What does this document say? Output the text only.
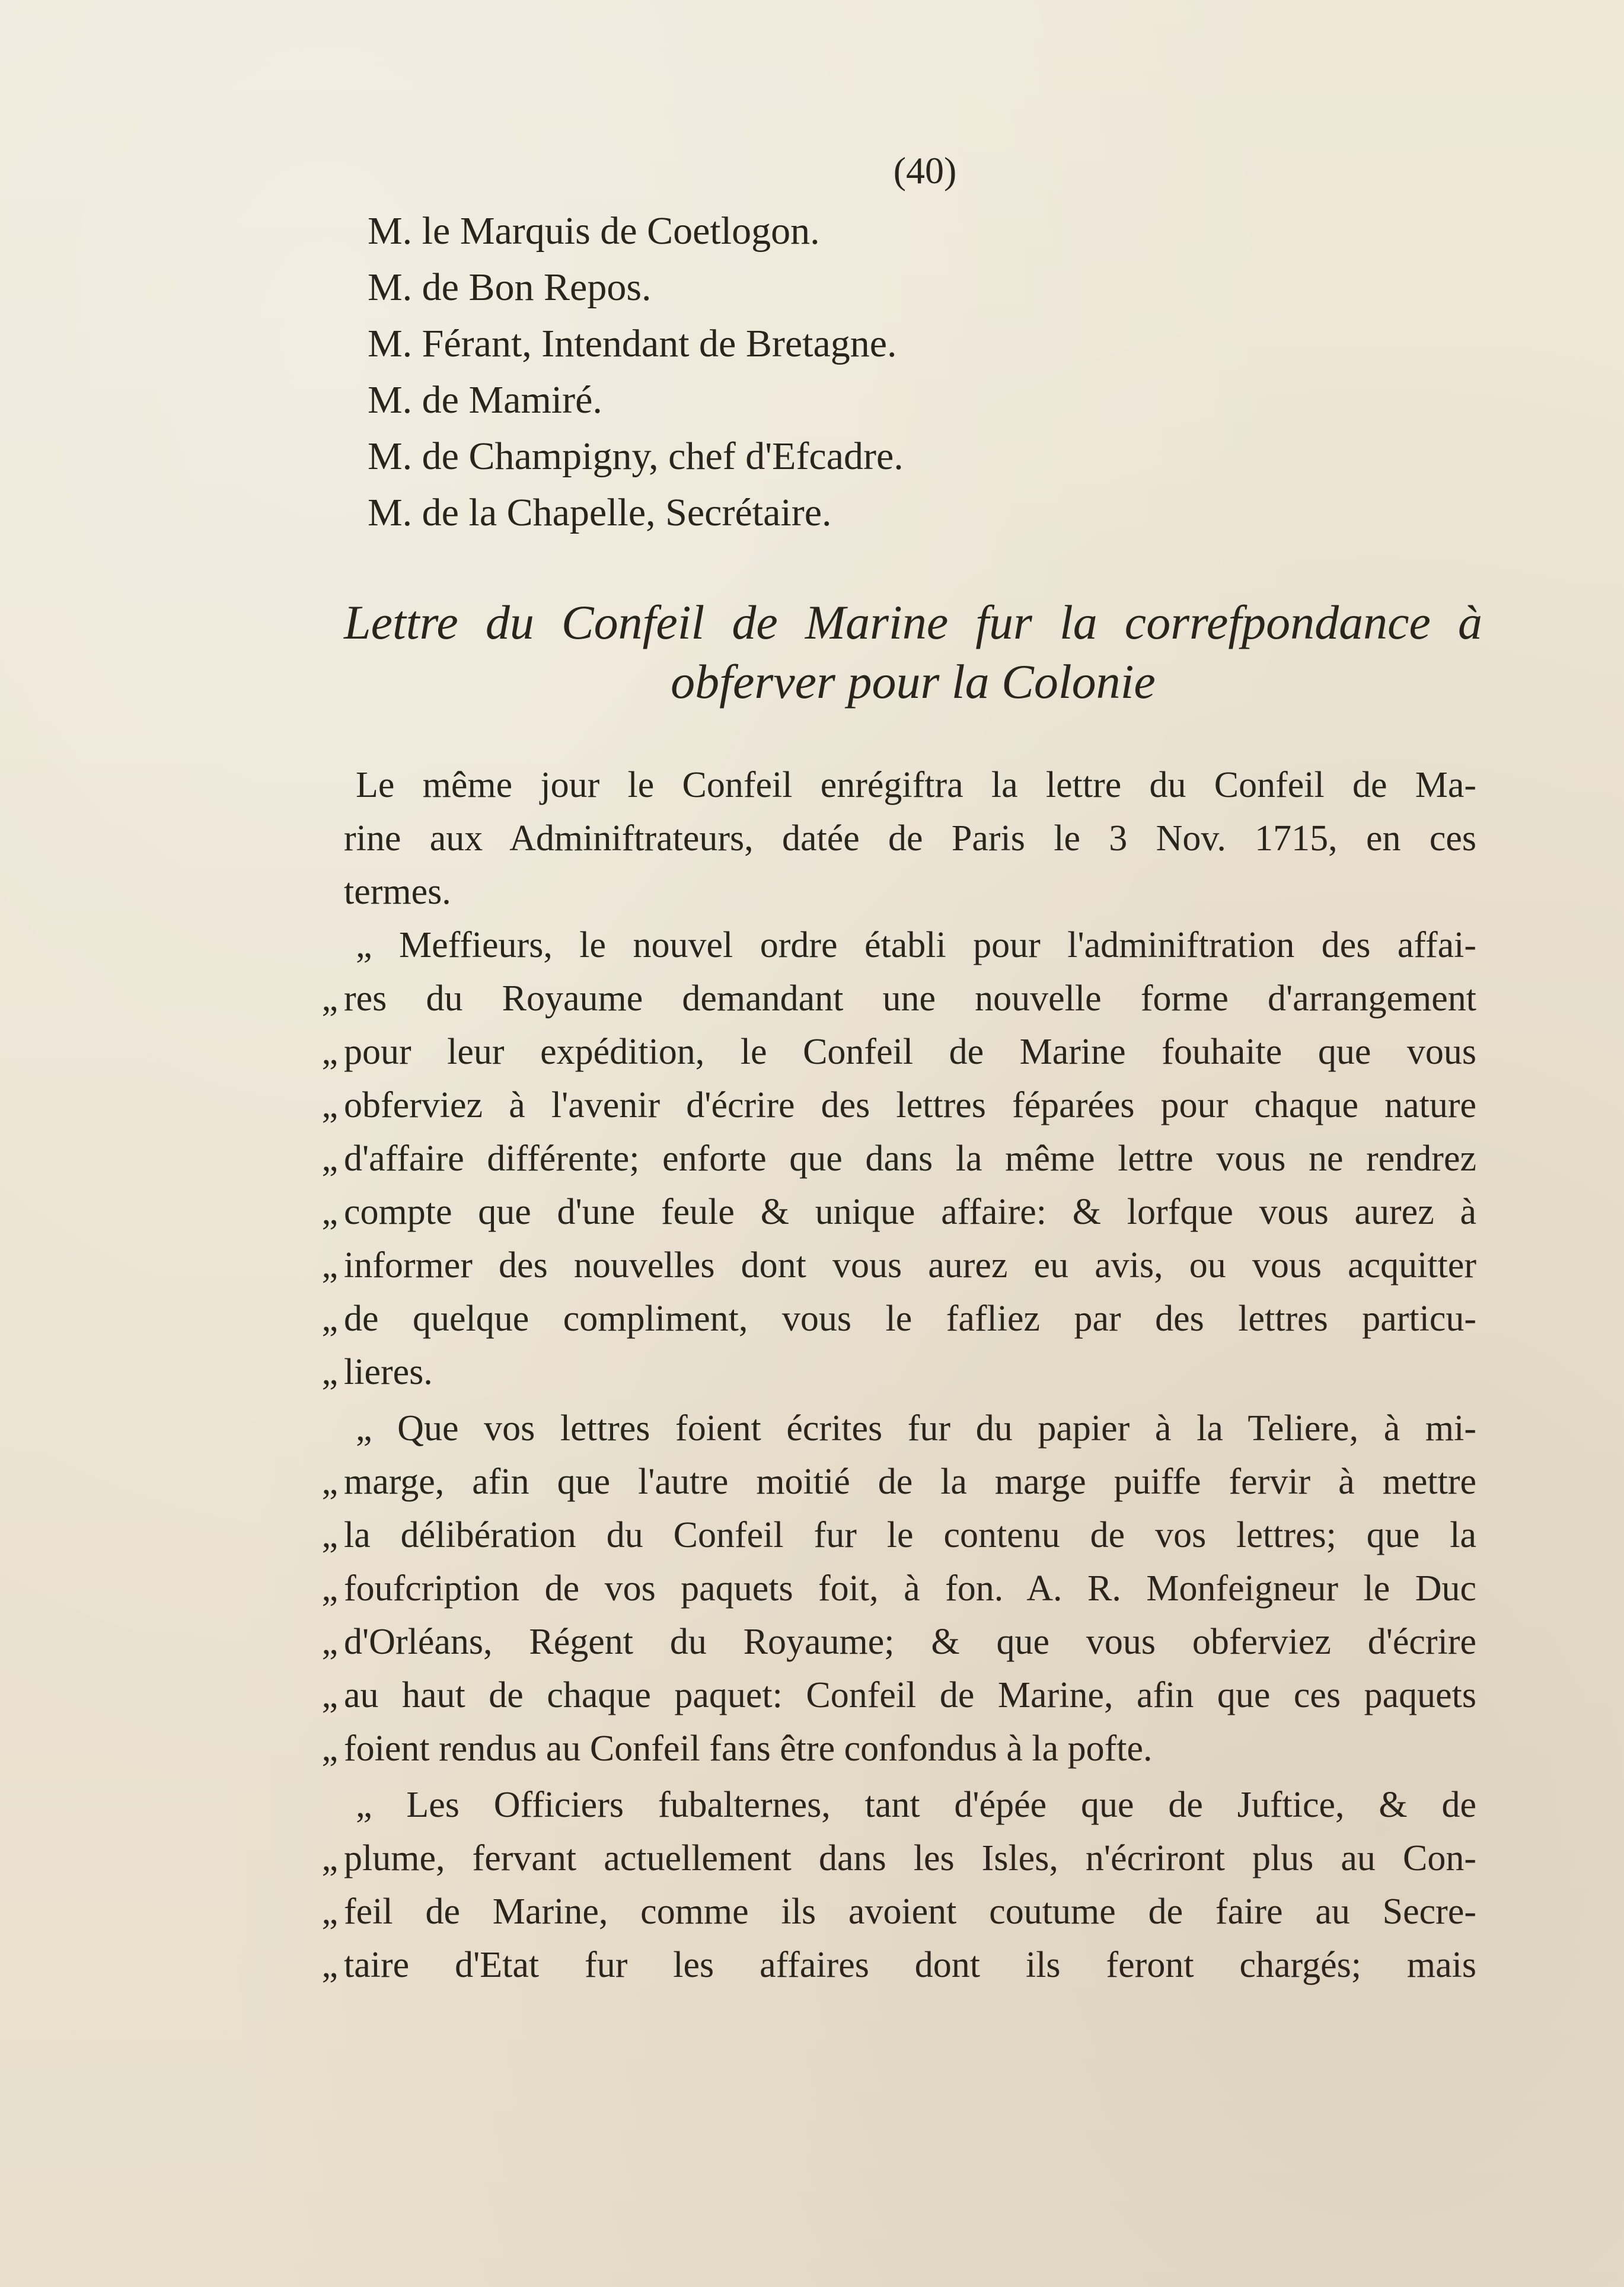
(40)
M. le Marquis de Coetlogon.
M. de Bon Repos.
M. Férant, Intendant de Bretagne.
M. de Mamiré.
M. de Champigny, chef d'Efcadre.
M. de la Chapelle, Secrétaire.
Lettre du Confeil de Marine fur la correfpondance à
obferver pour la Colonie
Le même jour le Confeil enrégiftra la lettre du Confeil de Ma-
rine aux Adminiftrateurs, datée de Paris le 3 Nov. 1715, en ces
termes.
„ Meffieurs, le nouvel ordre établi pour l'adminiftration des affai-
„ res du Royaume demandant une nouvelle forme d'arrangement
„ pour leur expédition, le Confeil de Marine fouhaite que vous
„ obferviez à l'avenir d'écrire des lettres féparées pour chaque nature
„ d'affaire différente; enforte que dans la même lettre vous ne rendrez
„ compte que d'une feule & unique affaire: & lorfque vous aurez à
„ informer des nouvelles dont vous aurez eu avis, ou vous acquitter
„ de quelque compliment, vous le fafliez par des lettres particu-
„ lieres.
„ Que vos lettres foient écrites fur du papier à la Teliere, à mi-
„ marge, afin que l'autre moitié de la marge puiffe fervir à mettre
„ la délibération du Confeil fur le contenu de vos lettres; que la
„ foufcription de vos paquets foit, à fon. A. R. Monfeigneur le Duc
„ d'Orléans, Régent du Royaume; & que vous obferviez d'écrire
„ au haut de chaque paquet: Confeil de Marine, afin que ces paquets
„ foient rendus au Confeil fans être confondus à la pofte.
„ Les Officiers fubalternes, tant d'épée que de Juftice, & de
„ plume, fervant actuellement dans les Isles, n'écriront plus au Con-
„ feil de Marine, comme ils avoient coutume de faire au Secre-
„ taire d'Etat fur les affaires dont ils feront chargés; mais
